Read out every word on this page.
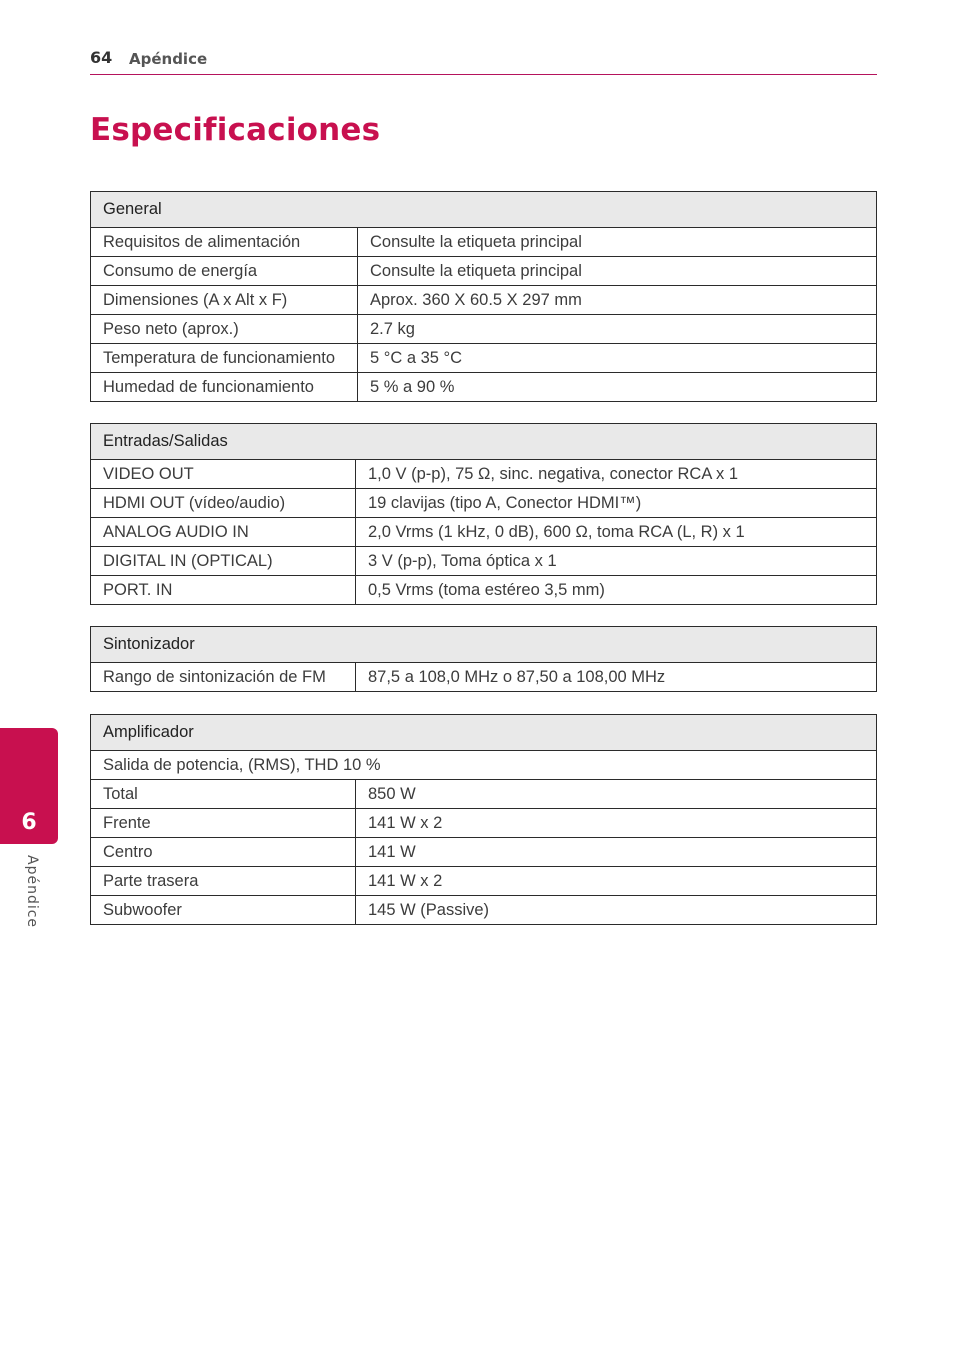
64 Apéndice
Especificaciones
General	
Requisitos de alimentación	Consulte la etiqueta principal
Consumo de energía	Consulte la etiqueta principal
Dimensiones (A x Alt x F)	Aprox. 360 X 60.5 X 297 mm
Peso neto (aprox.)	2.7 kg
Temperatura de funcionamiento	5 °C a 35 °C
Humedad de funcionamiento	5 % a 90 %
Entradas/Salidas	
VIDEO OUT	1,0 V (p-p), 75 Ω, sinc. negativa, conector RCA x 1
HDMI OUT (vídeo/audio)	19 clavijas (tipo A, Conector HDMI™)
ANALOG AUDIO IN	2,0 Vrms (1 kHz, 0 dB), 600 Ω, toma RCA (L, R) x 1
DIGITAL IN (OPTICAL)	3 V (p-p), Toma óptica x 1
PORT. IN	0,5 Vrms (toma estéreo 3,5 mm)
Sintonizador
Rango de sintonización de FM	87,5 a 108,0 MHz o 87,50 a 108,00 MHz
Amplificador	
Salida de potencia, (RMS), THD 10 %	
Total	850 W
Frente	141 W x 2
Centro	141 W
Parte trasera	141 W x 2
Subwoofer	145 W (Passive)
6
Apéndice
